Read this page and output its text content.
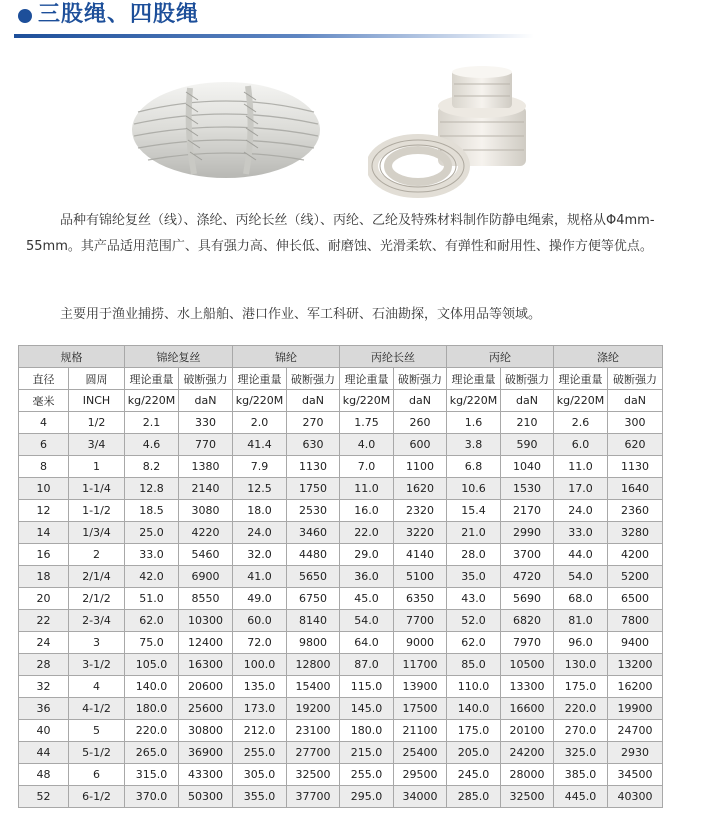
三股绳、四股绳
品种有锦纶复丝（线）、涤纶、丙纶长丝（线）、丙纶、乙纶及特殊材料制作防静电绳索，规格从Φ4mm-55mm。其产品适用范围广、具有强力高、伸长低、耐磨蚀、光滑柔软、有弹性和耐用性、操作方便等优点。
主要用于渔业捕捞、水上船舶、港口作业、军工科研、石油勘探，文体用品等领域。
规格		锦纶复丝		锦纶		丙纶长丝		丙纶		涤纶	
直径	圆周	理论重量	破断强力	理论重量	破断强力	理论重量	破断强力	理论重量	破断强力	理论重量	破断强力
毫米	INCH	kg/220M	daN	kg/220M	daN	kg/220M	daN	kg/220M	daN	kg/220M	daN
4	1/2	2.1	330	2.0	270	1.75	260	1.6	210	2.6	300
6	3/4	4.6	770	41.4	630	4.0	600	3.8	590	6.0	620
8	1	8.2	1380	7.9	1130	7.0	1100	6.8	1040	11.0	1130
10	1-1/4	12.8	2140	12.5	1750	11.0	1620	10.6	1530	17.0	1640
12	1-1/2	18.5	3080	18.0	2530	16.0	2320	15.4	2170	24.0	2360
14	1/3/4	25.0	4220	24.0	3460	22.0	3220	21.0	2990	33.0	3280
16	2	33.0	5460	32.0	4480	29.0	4140	28.0	3700	44.0	4200
18	2/1/4	42.0	6900	41.0	5650	36.0	5100	35.0	4720	54.0	5200
20	2/1/2	51.0	8550	49.0	6750	45.0	6350	43.0	5690	68.0	6500
22	2-3/4	62.0	10300	60.0	8140	54.0	7700	52.0	6820	81.0	7800
24	3	75.0	12400	72.0	9800	64.0	9000	62.0	7970	96.0	9400
28	3-1/2	105.0	16300	100.0	12800	87.0	11700	85.0	10500	130.0	13200
32	4	140.0	20600	135.0	15400	115.0	13900	110.0	13300	175.0	16200
36	4-1/2	180.0	25600	173.0	19200	145.0	17500	140.0	16600	220.0	19900
40	5	220.0	30800	212.0	23100	180.0	21100	175.0	20100	270.0	24700
44	5-1/2	265.0	36900	255.0	27700	215.0	25400	205.0	24200	325.0	2930
48	6	315.0	43300	305.0	32500	255.0	29500	245.0	28000	385.0	34500
52	6-1/2	370.0	50300	355.0	37700	295.0	34000	285.0	32500	445.0	40300
